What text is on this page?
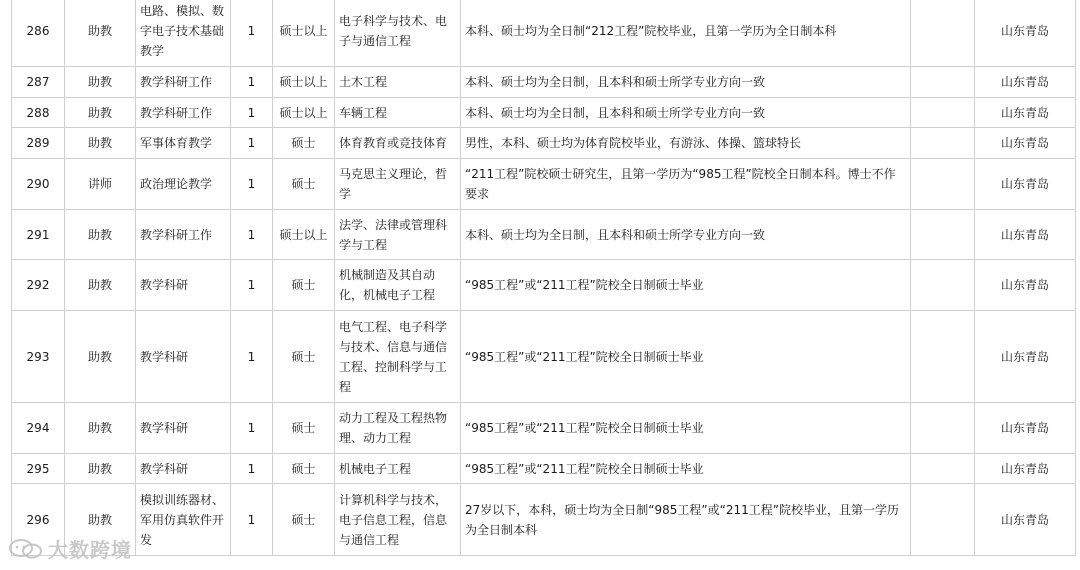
286	助教	电路、模拟、数字电子技术基础教学	1	硕士以上	电子科学与技术、电子与通信工程	本科、硕士均为全日制“212工程”院校毕业，且第一学历为全日制本科		山东青岛
287	助教	教学科研工作	1	硕士以上	土木工程	本科、硕士均为全日制，且本科和硕士所学专业方向一致		山东青岛
288	助教	教学科研工作	1	硕士以上	车辆工程	本科、硕士均为全日制，且本科和硕士所学专业方向一致		山东青岛
289	助教	军事体育教学	1	硕士	体育教育或竞技体育	男性，本科、硕士均为体育院校毕业，有游泳、体操、篮球特长		山东青岛
290	讲师	政治理论教学	1	硕士	马克思主义理论，哲学	“211工程”院校硕士研究生，且第一学历为“985工程”院校全日制本科。博士不作要求		山东青岛
291	助教	教学科研工作	1	硕士以上	法学、法律或管理科学与工程	本科、硕士均为全日制，且本科和硕士所学专业方向一致		山东青岛
292	助教	教学科研	1	硕士	机械制造及其自动化，机械电子工程	“985工程”或“211工程”院校全日制硕士毕业		山东青岛
293	助教	教学科研	1	硕士	电气工程、电子科学与技术、信息与通信工程、控制科学与工程	“985工程”或“211工程”院校全日制硕士毕业		山东青岛
294	助教	教学科研	1	硕士	动力工程及工程热物理、动力工程	“985工程”或“211工程”院校全日制硕士毕业		山东青岛
295	助教	教学科研	1	硕士	机械电子工程	“985工程”或“211工程”院校全日制硕士毕业		山东青岛
296	助教	模拟训练器材、军用仿真软件开发	1	硕士	计算机科学与技术，电子信息工程，信息与通信工程	27岁以下，本科，硕士均为全日制“985工程”或“211工程”院校毕业，且第一学历为全日制本科		山东青岛
大数跨境
